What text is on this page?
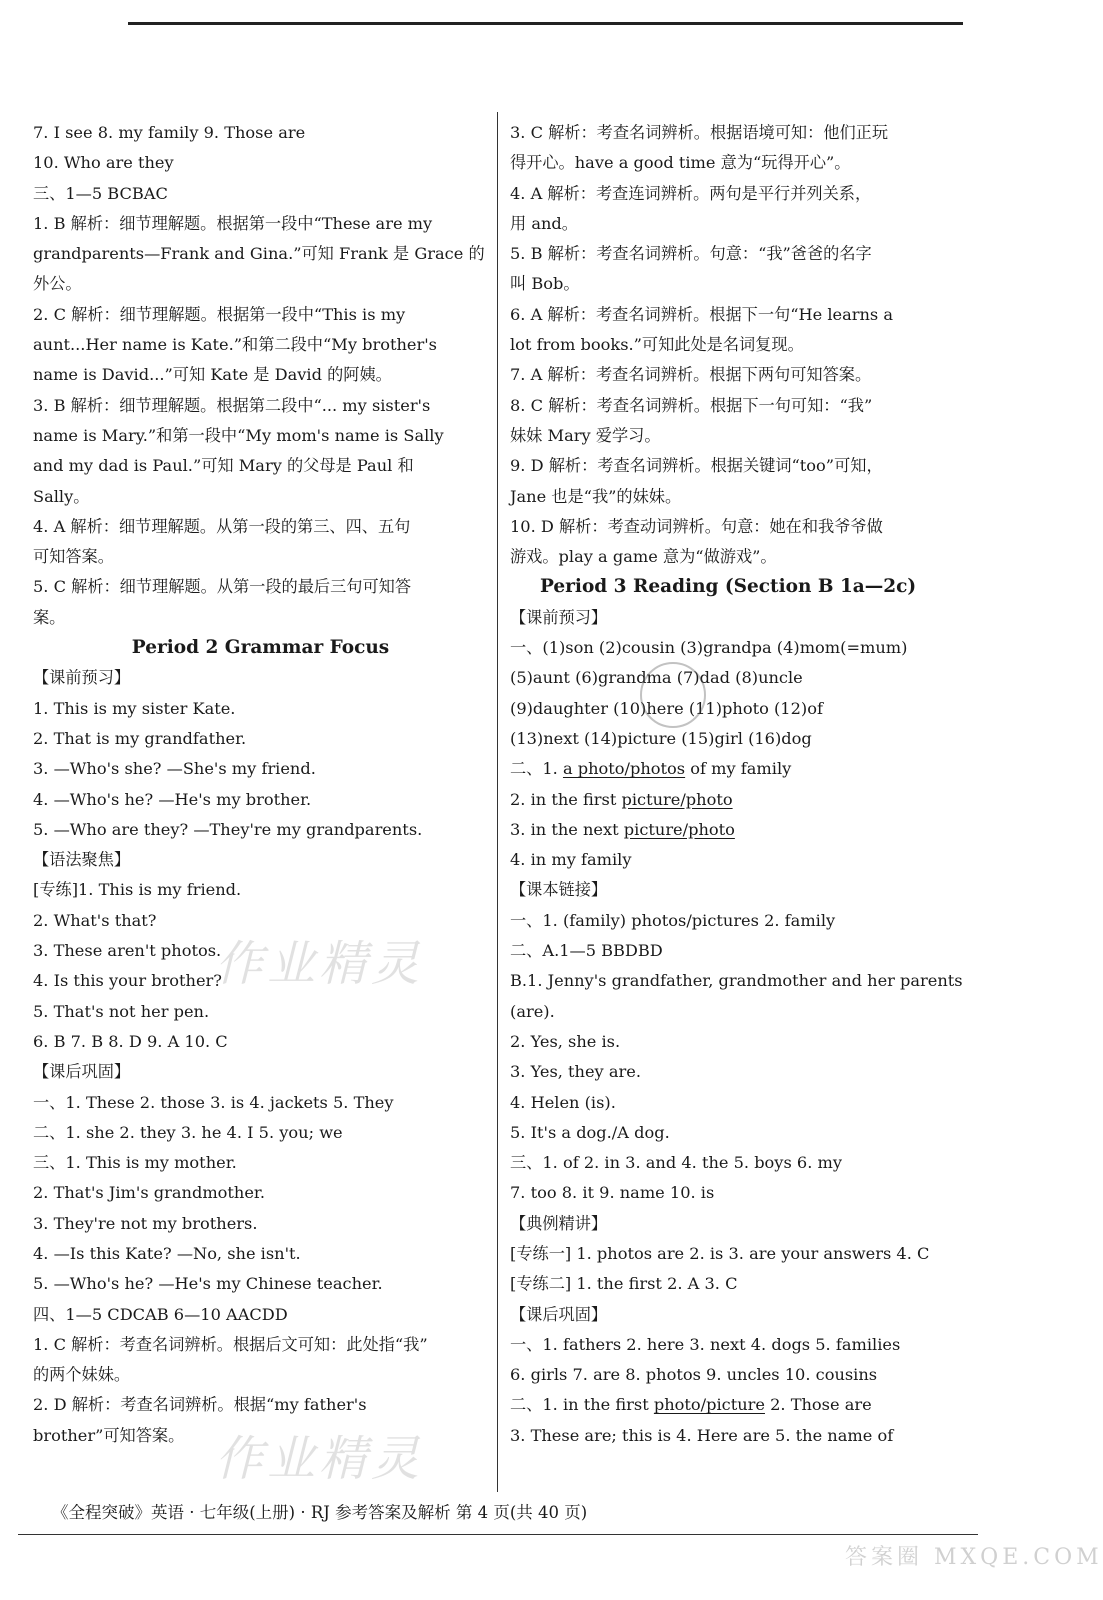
7. I see 8. my family 9. Those are
10. Who are they
三、1—5 BCBAC
1. B 解析：细节理解题。根据第一段中“These are my
grandparents—Frank and Gina.”可知 Frank 是 Grace 的
外公。
2. C 解析：细节理解题。根据第一段中“This is my
aunt...Her name is Kate.”和第二段中“My brother's
name is David...”可知 Kate 是 David 的阿姨。
3. B 解析：细节理解题。根据第二段中“... my sister's
name is Mary.”和第一段中“My mom's name is Sally
and my dad is Paul.”可知 Mary 的父母是 Paul 和
Sally。
4. A 解析：细节理解题。从第一段的第三、四、五句
可知答案。
5. C 解析：细节理解题。从第一段的最后三句可知答
案。
Period 2 Grammar Focus
【课前预习】
1. This is my sister Kate.
2. That is my grandfather.
3. —Who's she? —She's my friend.
4. —Who's he? —He's my brother.
5. —Who are they? —They're my grandparents.
【语法聚焦】
[专练]1. This is my friend.
2. What's that?
3. These aren't photos.
4. Is this your brother?
5. That's not her pen.
6. B 7. B 8. D 9. A 10. C
【课后巩固】
一、1. These 2. those 3. is 4. jackets 5. They
二、1. she 2. they 3. he 4. I 5. you; we
三、1. This is my mother.
2. That's Jim's grandmother.
3. They're not my brothers.
4. —Is this Kate? —No, she isn't.
5. —Who's he? —He's my Chinese teacher.
四、1—5 CDCAB 6—10 AACDD
1. C 解析：考查名词辨析。根据后文可知：此处指“我”
的两个妹妹。
2. D 解析：考查名词辨析。根据“my father's
brother”可知答案。
3. C 解析：考查名词辨析。根据语境可知：他们正玩
得开心。have a good time 意为“玩得开心”。
4. A 解析：考查连词辨析。两句是平行并列关系，
用 and。
5. B 解析：考查名词辨析。句意：“我”爸爸的名字
叫 Bob。
6. A 解析：考查名词辨析。根据下一句“He learns a
lot from books.”可知此处是名词复现。
7. A 解析：考查名词辨析。根据下两句可知答案。
8. C 解析：考查名词辨析。根据下一句可知：“我”
妹妹 Mary 爱学习。
9. D 解析：考查名词辨析。根据关键词“too”可知，
Jane 也是“我”的妹妹。
10. D 解析：考查动词辨析。句意：她在和我爷爷做
游戏。play a game 意为“做游戏”。
Period 3 Reading (Section B 1a—2c)
【课前预习】
一、(1)son (2)cousin (3)grandpa (4)mom(=mum)
(5)aunt (6)grandma (7)dad (8)uncle
(9)daughter (10)here (11)photo (12)of
(13)next (14)picture (15)girl (16)dog
二、1. a photo/photos of my family
2. in the first picture/photo
3. in the next picture/photo
4. in my family
【课本链接】
一、1. (family) photos/pictures 2. family
二、A.1—5 BBDBD
B.1. Jenny's grandfather, grandmother and her parents
(are).
2. Yes, she is.
3. Yes, they are.
4. Helen (is).
5. It's a dog./A dog.
三、1. of 2. in 3. and 4. the 5. boys 6. my
7. too 8. it 9. name 10. is
【典例精讲】
[专练一] 1. photos are 2. is 3. are your answers 4. C
[专练二] 1. the first 2. A 3. C
【课后巩固】
一、1. fathers 2. here 3. next 4. dogs 5. families
6. girls 7. are 8. photos 9. uncles 10. cousins
二、1. in the first photo/picture 2. Those are
3. These are; this is 4. Here are 5. the name of
作业精灵
作业精灵
答案圈 MXQE.COM
《全程突破》英语 · 七年级(上册) · RJ 参考答案及解析 第 4 页(共 40 页)
